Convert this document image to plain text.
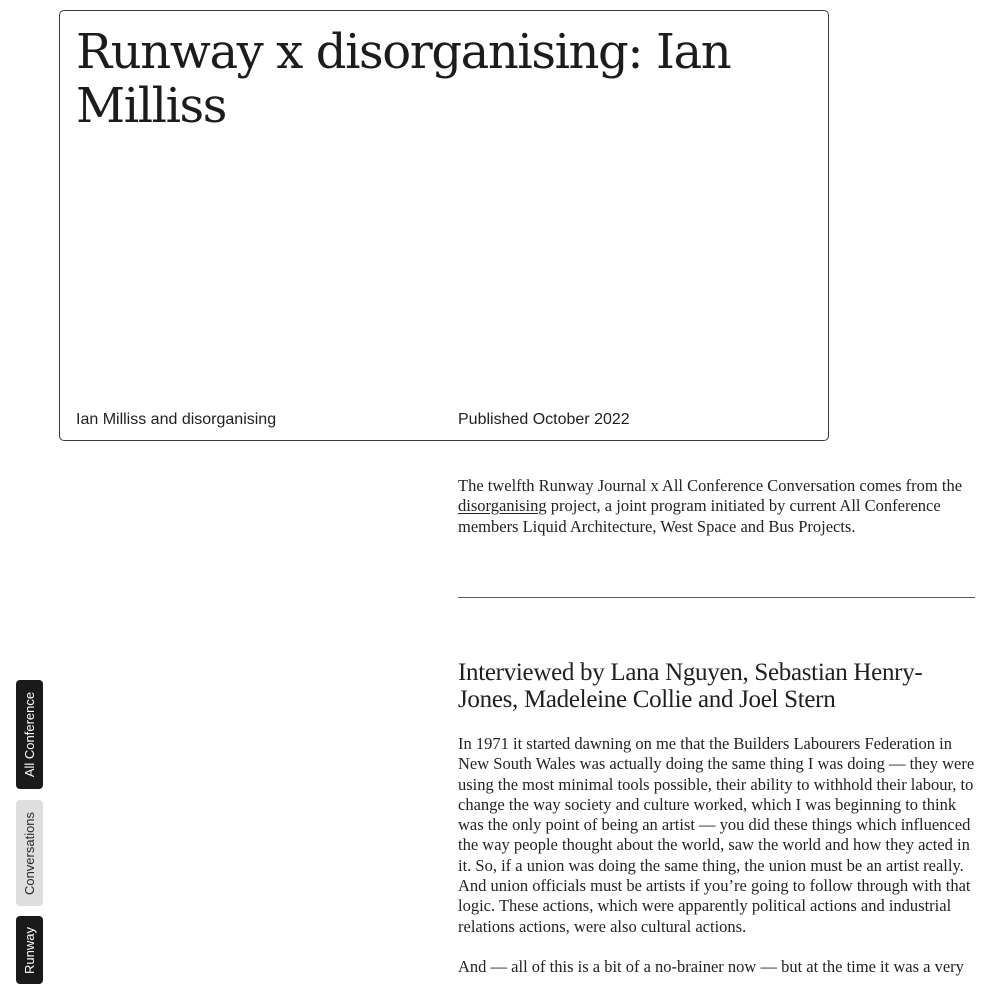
Runway x disorganising: Ian Milliss
Ian Milliss and disorganising	Published October 2022

The twelfth Runway Journal x All Conference Conversation comes from the disorganising project, a joint program initiated by current All Conference members Liquid Architecture, West Space and Bus Projects.

Interviewed by Lana Nguyen, Sebastian Henry-Jones, Madeleine Collie and Joel Stern

In 1971 it started dawning on me that the Builders Labourers Federation in New South Wales was actually doing the same thing I was doing — they were using the most minimal tools possible, their ability to withhold their labour, to change the way society and culture worked, which I was beginning to think was the only point of being an artist — you did these things which influenced the way people thought about the world, saw the world and how they acted in it. So, if a union was doing the same thing, the union must be an artist really. And union officials must be artists if you’re going to follow through with that logic. These actions, which were apparently political actions and industrial relations actions, were also cultural actions.

And — all of this is a bit of a no-brainer now — but at the time it was a very

All Conference
Conversations
Runway
